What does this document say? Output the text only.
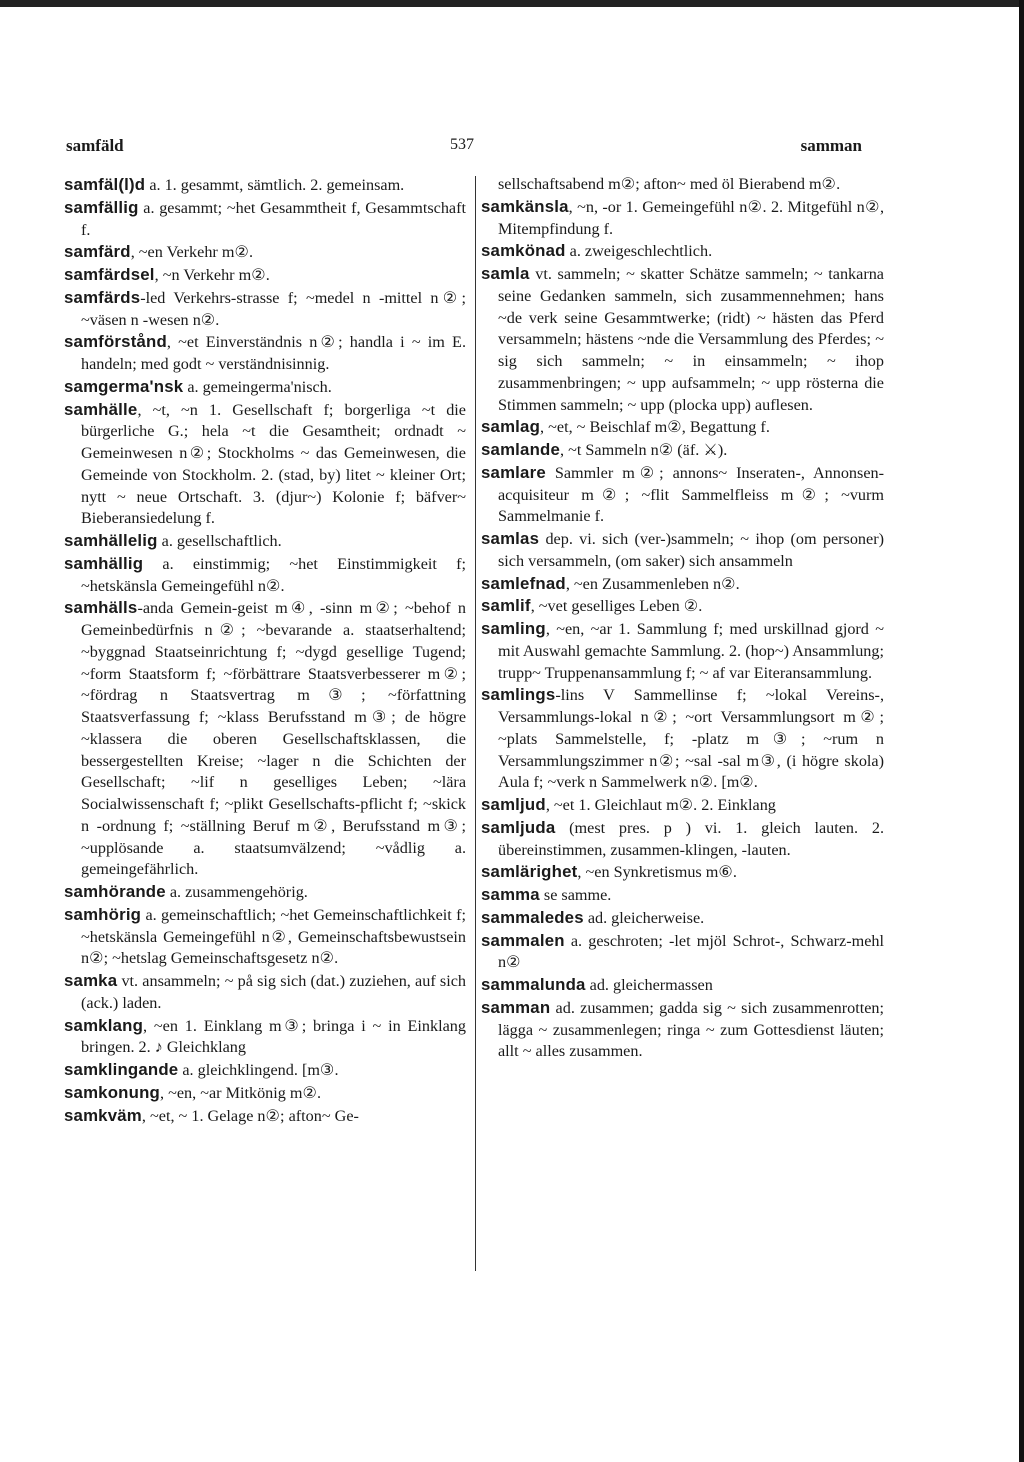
samfäld	537	samman

samfäl(l)d a. 1. gesammt, sämtlich. 2. gemeinsam.

samfällig a. gesammt; ~het Gesammtheit f, Gesammtschaft f.

samfärd, ~en Verkehr m②.

samfärdsel, ~n Verkehr m②.

samfärds-led Verkehrs-strasse f; ~medel n -mittel n②; ~väsen n -wesen n②.

samförstånd, ~et Einverständnis n②; handla i ~ im E. handeln; med godt ~ verständnisinnig.

samgerma'nsk a. gemeingerma'nisch.

samhälle, ~t, ~n 1. Gesellschaft f; borgerliga ~t die bürgerliche G.; hela ~t die Gesamtheit; ordnadt ~ Gemeinwesen n②; Stockholms ~ das Gemeinwesen, die Gemeinde von Stockholm. 2. (stad, by) litet ~ kleiner Ort; nytt ~ neue Ortschaft. 3. (djur~) Kolonie f; bäfver~ Bieberansiedelung f.

samhällelig a. gesellschaftlich.

samhällig a. einstimmig; ~het Einstimmigkeit f; ~hetskänsla Gemeingefühl n②.

samhälls-anda Gemein-geist m④, -sinn m②; ~behof n Gemeinbedürfnis n②; ~bevarande a. staatserhaltend; ~byggnad Staatseinrichtung f; ~dygd gesellige Tugend; ~form Staatsform f; ~förbättrare Staatsverbesserer m②; ~fördrag n Staatsvertrag m③; ~författning Staatsverfassung f; ~klass Berufsstand m③; de högre ~klassera die oberen Gesellschaftsklassen, die bessergestellten Kreise; ~lager n die Schichten der Gesellschaft; ~lif n geselliges Leben; ~lära Socialwissenschaft f; ~plikt Gesellschafts-pflicht f; ~skick n -ordnung f; ~ställning Beruf m②, Berufsstand m③; ~upplösande a. staatsumvälzend; ~vådlig a. gemeingefährlich.

samhörande a. zusammengehörig.

samhörig a. gemeinschaftlich; ~het Gemeinschaftlichkeit f; ~hetskänsla Gemeingefühl n②, Gemeinschaftsbewustsein n②; ~hetslag Gemeinschaftsgesetz n②.

samka vt. ansammeln; ~ på sig sich (dat.) zuziehen, auf sich (ack.) laden.

samklang, ~en 1. Einklang m③; bringa i ~ in Einklang bringen. 2. ♪ Gleichklang

samklingande a. gleichklingend. [m③.

samkonung, ~en, ~ar Mitkönig m②.

samkväm, ~et, ~ 1. Gelage n②; afton~ Ge-

sellschaftsabend m②; afton~ med öl Bierabend m②.

samkänsla, ~n, -or 1. Gemeingefühl n②. 2. Mitgefühl n②, Mitempfindung f.

samkönad a. zweigeschlechtlich.

samla vt. sammeln; ~ skatter Schätze sammeln; ~ tankarna seine Gedanken sammeln, sich zusammennehmen; hans ~de verk seine Gesammtwerke; (ridt) ~ hästen das Pferd versammeln; hästens ~nde die Versammlung des Pferdes; ~ sig sich sammeln; ~ in einsammeln; ~ ihop zusammenbringen; ~ upp aufsammeln; ~ upp rösterna die Stimmen sammeln; ~ upp (plocka upp) auflesen.

samlag, ~et, ~ Beischlaf m②, Begattung f.

samlande, ~t Sammeln n② (äf. ⚔).

samlare Sammler m②; annons~ Inseraten-, Annonsen-acquisiteur m②; ~flit Sammelfleiss m②; ~vurm Sammelmanie f.

samlas dep. vi. sich (ver-)sammeln; ~ ihop (om personer) sich versammeln, (om saker) sich ansammeln

samlefnad, ~en Zusammenleben n②.

samlif, ~vet geselliges Leben ②.

samling, ~en, ~ar 1. Sammlung f; med urskillnad gjord ~ mit Auswahl gemachte Sammlung. 2. (hop~) Ansammlung; trupp~ Truppenansammlung f; ~ af var Eiteransammlung.

samlings-lins V Sammellinse f; ~lokal Vereins-, Versammlungs-lokal n②; ~ort Versammlungsort m②; ~plats Sammelstelle, f; -platz m③; ~rum n Versammlungszimmer n②; ~sal -sal m③, (i högre skola) Aula f; ~verk n Sammelwerk n②. [m②.

samljud, ~et 1. Gleichlaut m②. 2. Einklang

samljuda (mest pres. p ) vi. 1. gleich lauten. 2. übereinstimmen, zusammen-klingen, -lauten.

samlärighet, ~en Synkretismus m⑥.

samma se samme.

sammaledes ad. gleicherweise.

sammalen a. geschroten; -let mjöl Schrot-, Schwarz-mehl n②

sammalunda ad. gleichermassen

samman ad. zusammen; gadda sig ~ sich zusammenrotten; lägga ~ zusammenlegen; ringa ~ zum Gottesdienst läuten; allt ~ alles zusammen.
